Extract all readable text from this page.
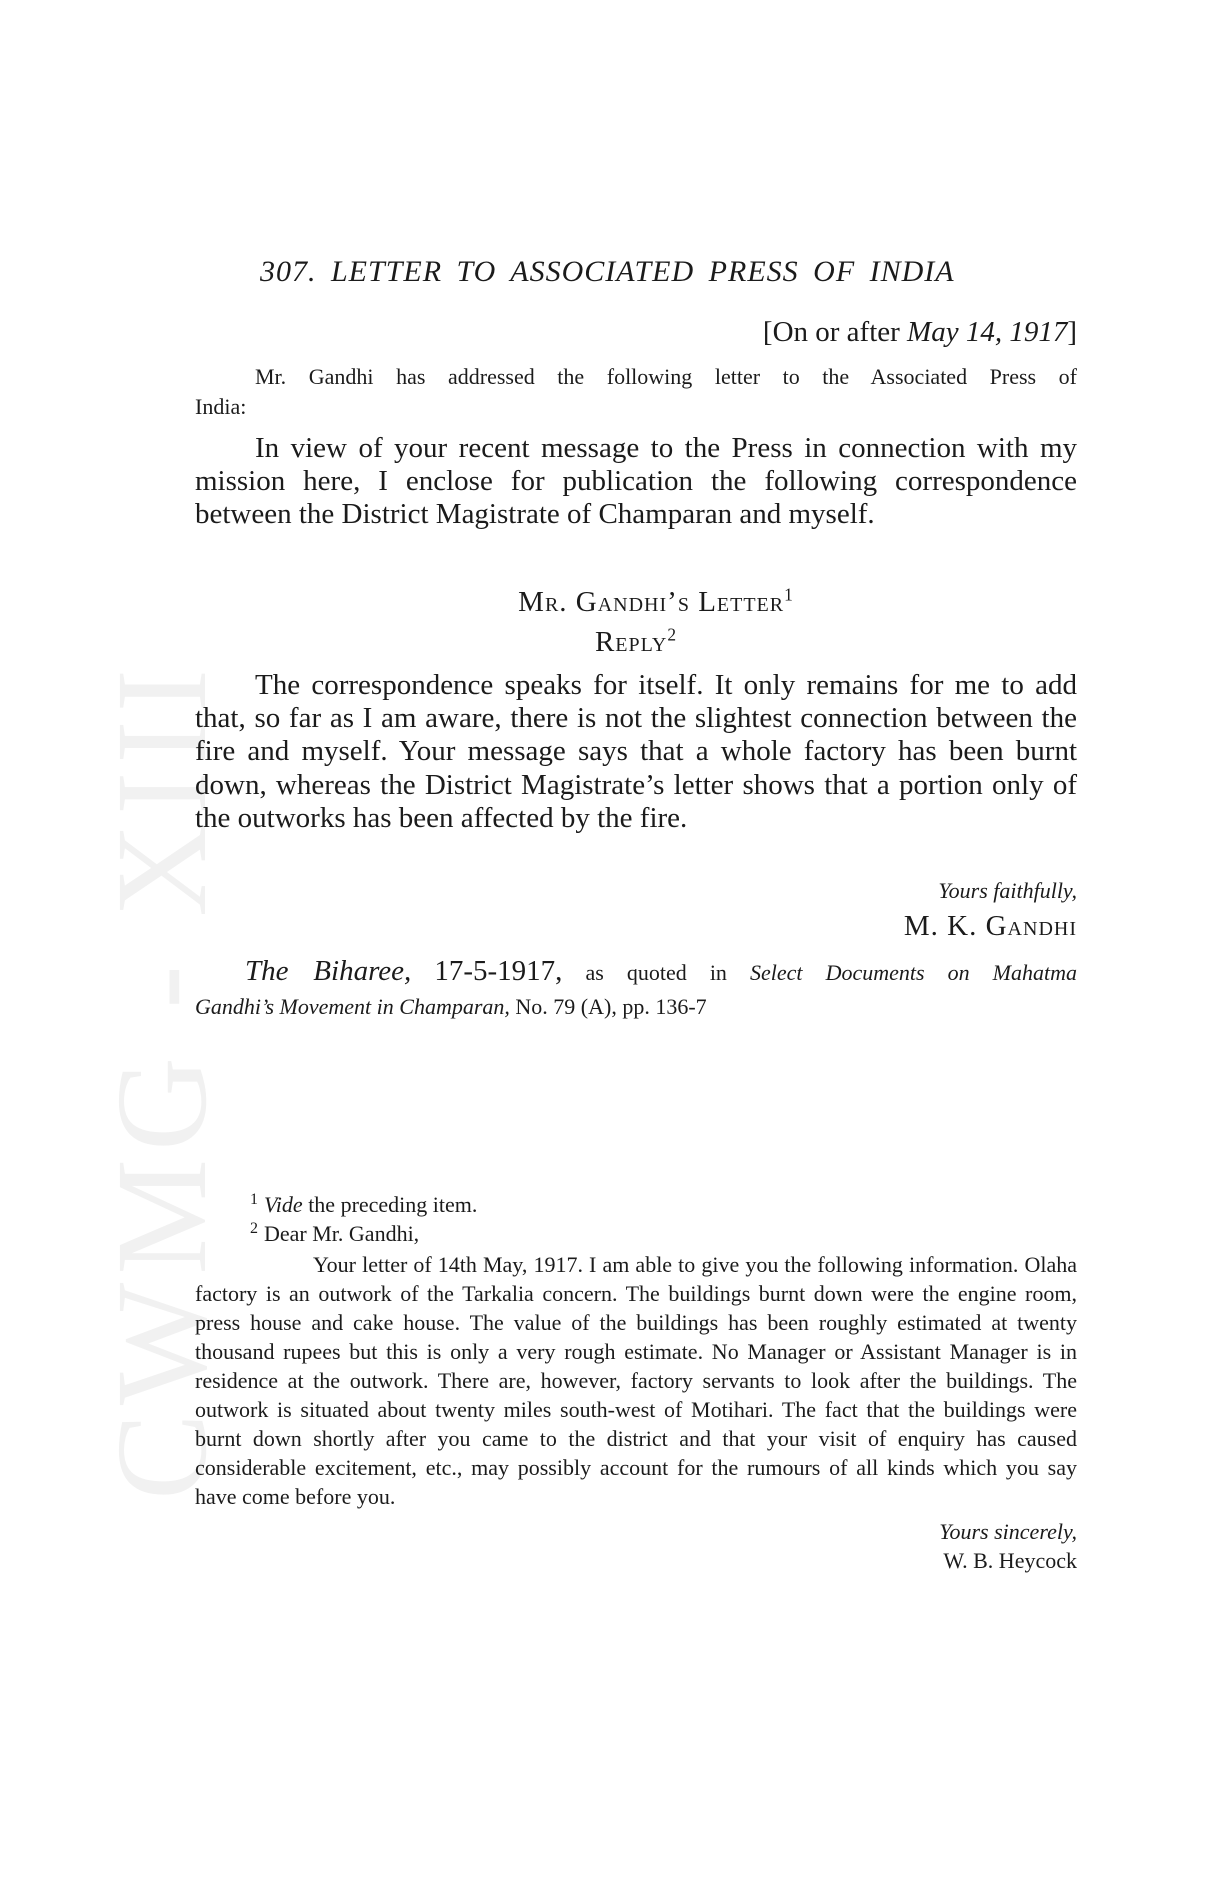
CWMG - XIII
307. LETTER TO ASSOCIATED PRESS OF INDIA
[On or after May 14, 1917]
Mr. Gandhi has addressed the following letter to the Associated Press of
India:
In view of your recent message to the Press in connection with my mission here, I enclose for publication the following correspondence between the District Magistrate of Champaran and myself.
Mr. Gandhi’s Letter$^1$
Reply$^2$
The correspondence speaks for itself. It only remains for me to add that, so far as I am aware, there is not the slightest connection between the fire and myself. Your message says that a whole factory has been burnt down, whereas the District Magistrate’s letter shows that a portion only of the outworks has been affected by the fire.
Yours faithfully,
M. K. Gandhi
The Biharee, 17-5-1917, as quoted in Select Documents on Mahatma
Gandhi’s Movement in Champaran, No. 79 (A), pp. 136-7
$^1$ Vide the preceding item.
$^2$ Dear Mr. Gandhi,
Your letter of 14th May, 1917. I am able to give you the following information. Olaha factory is an outwork of the Tarkalia concern. The buildings burnt down were the engine room, press house and cake house. The value of the buildings has been roughly estimated at twenty thousand rupees but this is only a very rough estimate. No Manager or Assistant Manager is in residence at the outwork. There are, however, factory servants to look after the buildings. The outwork is situated about twenty miles south-west of Motihari. The fact that the buildings were burnt down shortly after you came to the district and that your visit of enquiry has caused considerable excitement, etc., may possibly account for the rumours of all kinds which you say have come before you.
Yours sincerely,
W. B. Heycock
